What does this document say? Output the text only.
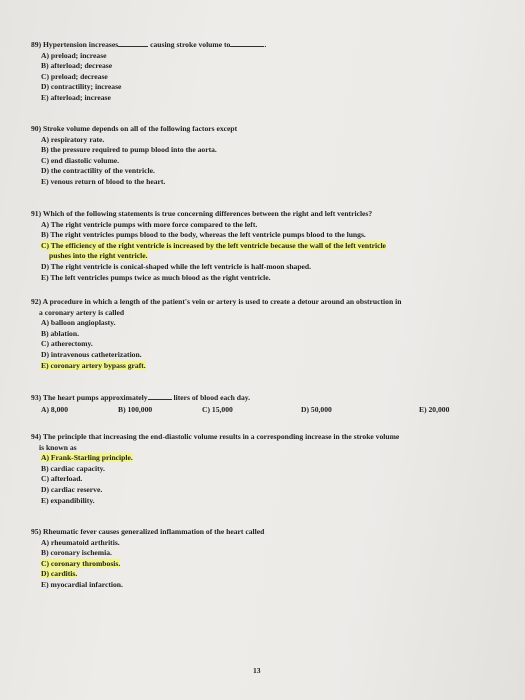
89) Hypertension increases	causing stroke volume to	.
A) preload; increase
B) afterload; decrease
C) preload; decrease
D) contractility; increase
E) afterload; increase
90) Stroke volume depends on all of the following factors except
A) respiratory rate.
B) the pressure required to pump blood into the aorta.
C) end diastolic volume.
D) the contractility of the ventricle.
E) venous return of blood to the heart.
91) Which of the following statements is true concerning differences between the right and left ventricles?
A) The right ventricle pumps with more force compared to the left.
B) The right ventricles pumps blood to the body, whereas the left ventricle pumps blood to the lungs.
C) The efficiency of the right ventricle is increased by the left ventricle because the wall of the left ventricle
pushes into the right ventricle.
D) The right ventricle is conical-shaped while the left ventricle is half-moon shaped.
E) The left ventricles pumps twice as much blood as the right ventricle.
92) A procedure in which a length of the patient's vein or artery is used to create a detour around an obstruction in
a coronary artery is called
A) balloon angioplasty.
B) ablation.
C) atherectomy.
D) intravenous catheterization.
E) coronary artery bypass graft.
93) The heart pumps approximately	liters of blood each day.
A) 8,000	B) 100,000	C) 15,000	D) 50,000	E) 20,000
94) The principle that increasing the end-diastolic volume results in a corresponding increase in the stroke volume
is known as
A) Frank-Starling principle.
B) cardiac capacity.
C) afterload.
D) cardiac reserve.
E) expandibility.
95) Rheumatic fever causes generalized inflammation of the heart called
A) rheumatoid arthritis.
B) coronary ischemia.
C) coronary thrombosis.
D) carditis.
E) myocardial infarction.
13
